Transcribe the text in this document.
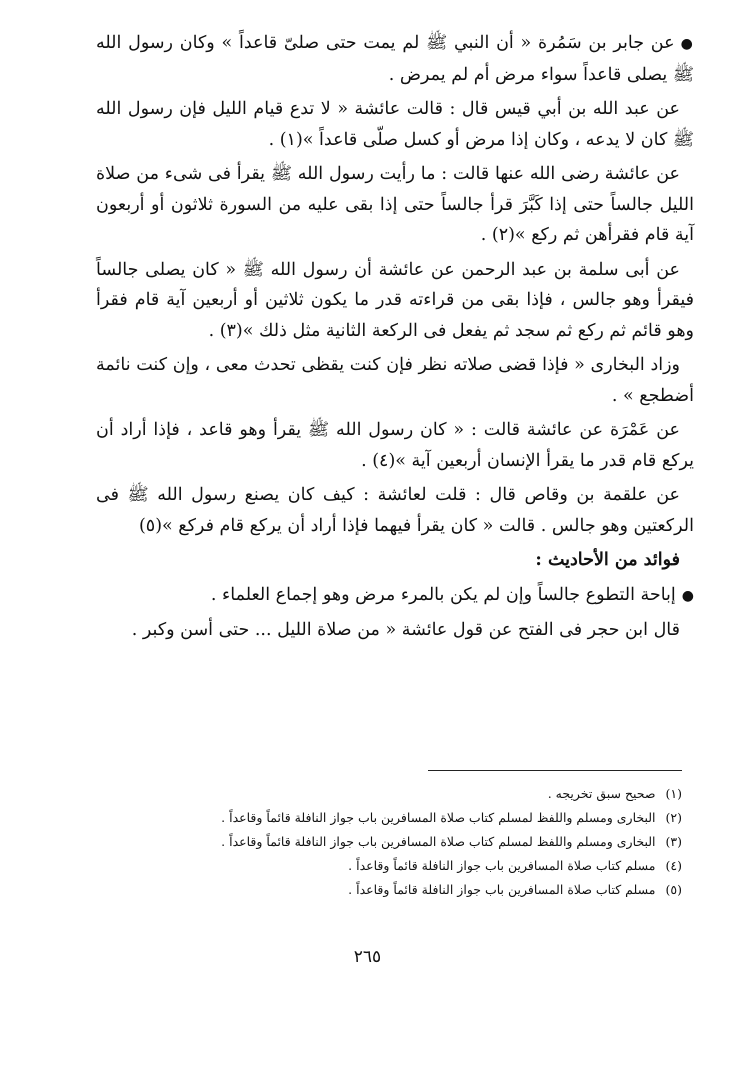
●عن جابر بن سَمُرة « أن النبي ﷺ لم يمت حتى صلىّ قاعداً » وكان رسول الله ﷺ يصلى قاعداً سواء مرض أم لم يمرض .

عن عبد الله بن أبي قيس قال : قالت عائشة « لا تدع قيام الليل فإن رسول الله ﷺ كان لا يدعه ، وكان إذا مرض أو كسل صلّى قاعداً »(١) .

عن عائشة رضى الله عنها قالت : ما رأيت رسول الله ﷺ يقرأ فى شىء من صلاة الليل جالساً حتى إذا كَبَّرَ قرأ جالساً حتى إذا بقى عليه من السورة ثلاثون أو أربعون آية قام فقرأهن ثم ركع »(٢) .

عن أبى سلمة بن عبد الرحمن عن عائشة أن رسول الله ﷺ « كان يصلى جالساً فيقرأ وهو جالس ، فإذا بقى من قراءته قدر ما يكون ثلاثين أو أربعين آية قام فقرأ وهو قائم ثم ركع ثم سجد ثم يفعل فى الركعة الثانية مثل ذلك »(٣) .

وزاد البخارى « فإذا قضى صلاته نظر فإن كنت يقظى تحدث معى ، وإن كنت نائمة أضطجع » .

عن عَمْرَة عن عائشة قالت : « كان رسول الله ﷺ يقرأ وهو قاعد ، فإذا أراد أن يركع قام قدر ما يقرأ الإنسان أربعين آية »(٤) .

عن علقمة بن وقاص قال : قلت لعائشة : كيف كان يصنع رسول الله ﷺ فى الركعتين وهو جالس . قالت « كان يقرأ فيهما فإذا أراد أن يركع قام فركع »(٥)

فوائد من الأحاديث :

●إباحة التطوع جالساً وإن لم يكن بالمرء مرض وهو إجماع العلماء .

قال ابن حجر فى الفتح عن قول عائشة « من صلاة الليل ... حتى أسن وكبر .

(١)صحيح سبق تخريجه .

(٢)البخارى ومسلم واللفظ لمسلم كتاب صلاة المسافرين باب جواز النافلة قائماً وقاعداً .

(٣)البخارى ومسلم واللفظ لمسلم كتاب صلاة المسافرين باب جواز النافلة قائماً وقاعداً .

(٤)مسلم كتاب صلاة المسافرين باب جواز النافلة قائماً وقاعداً .

(٥)مسلم كتاب صلاة المسافرين باب جواز النافلة قائماً وقاعداً .

٢٦٥
